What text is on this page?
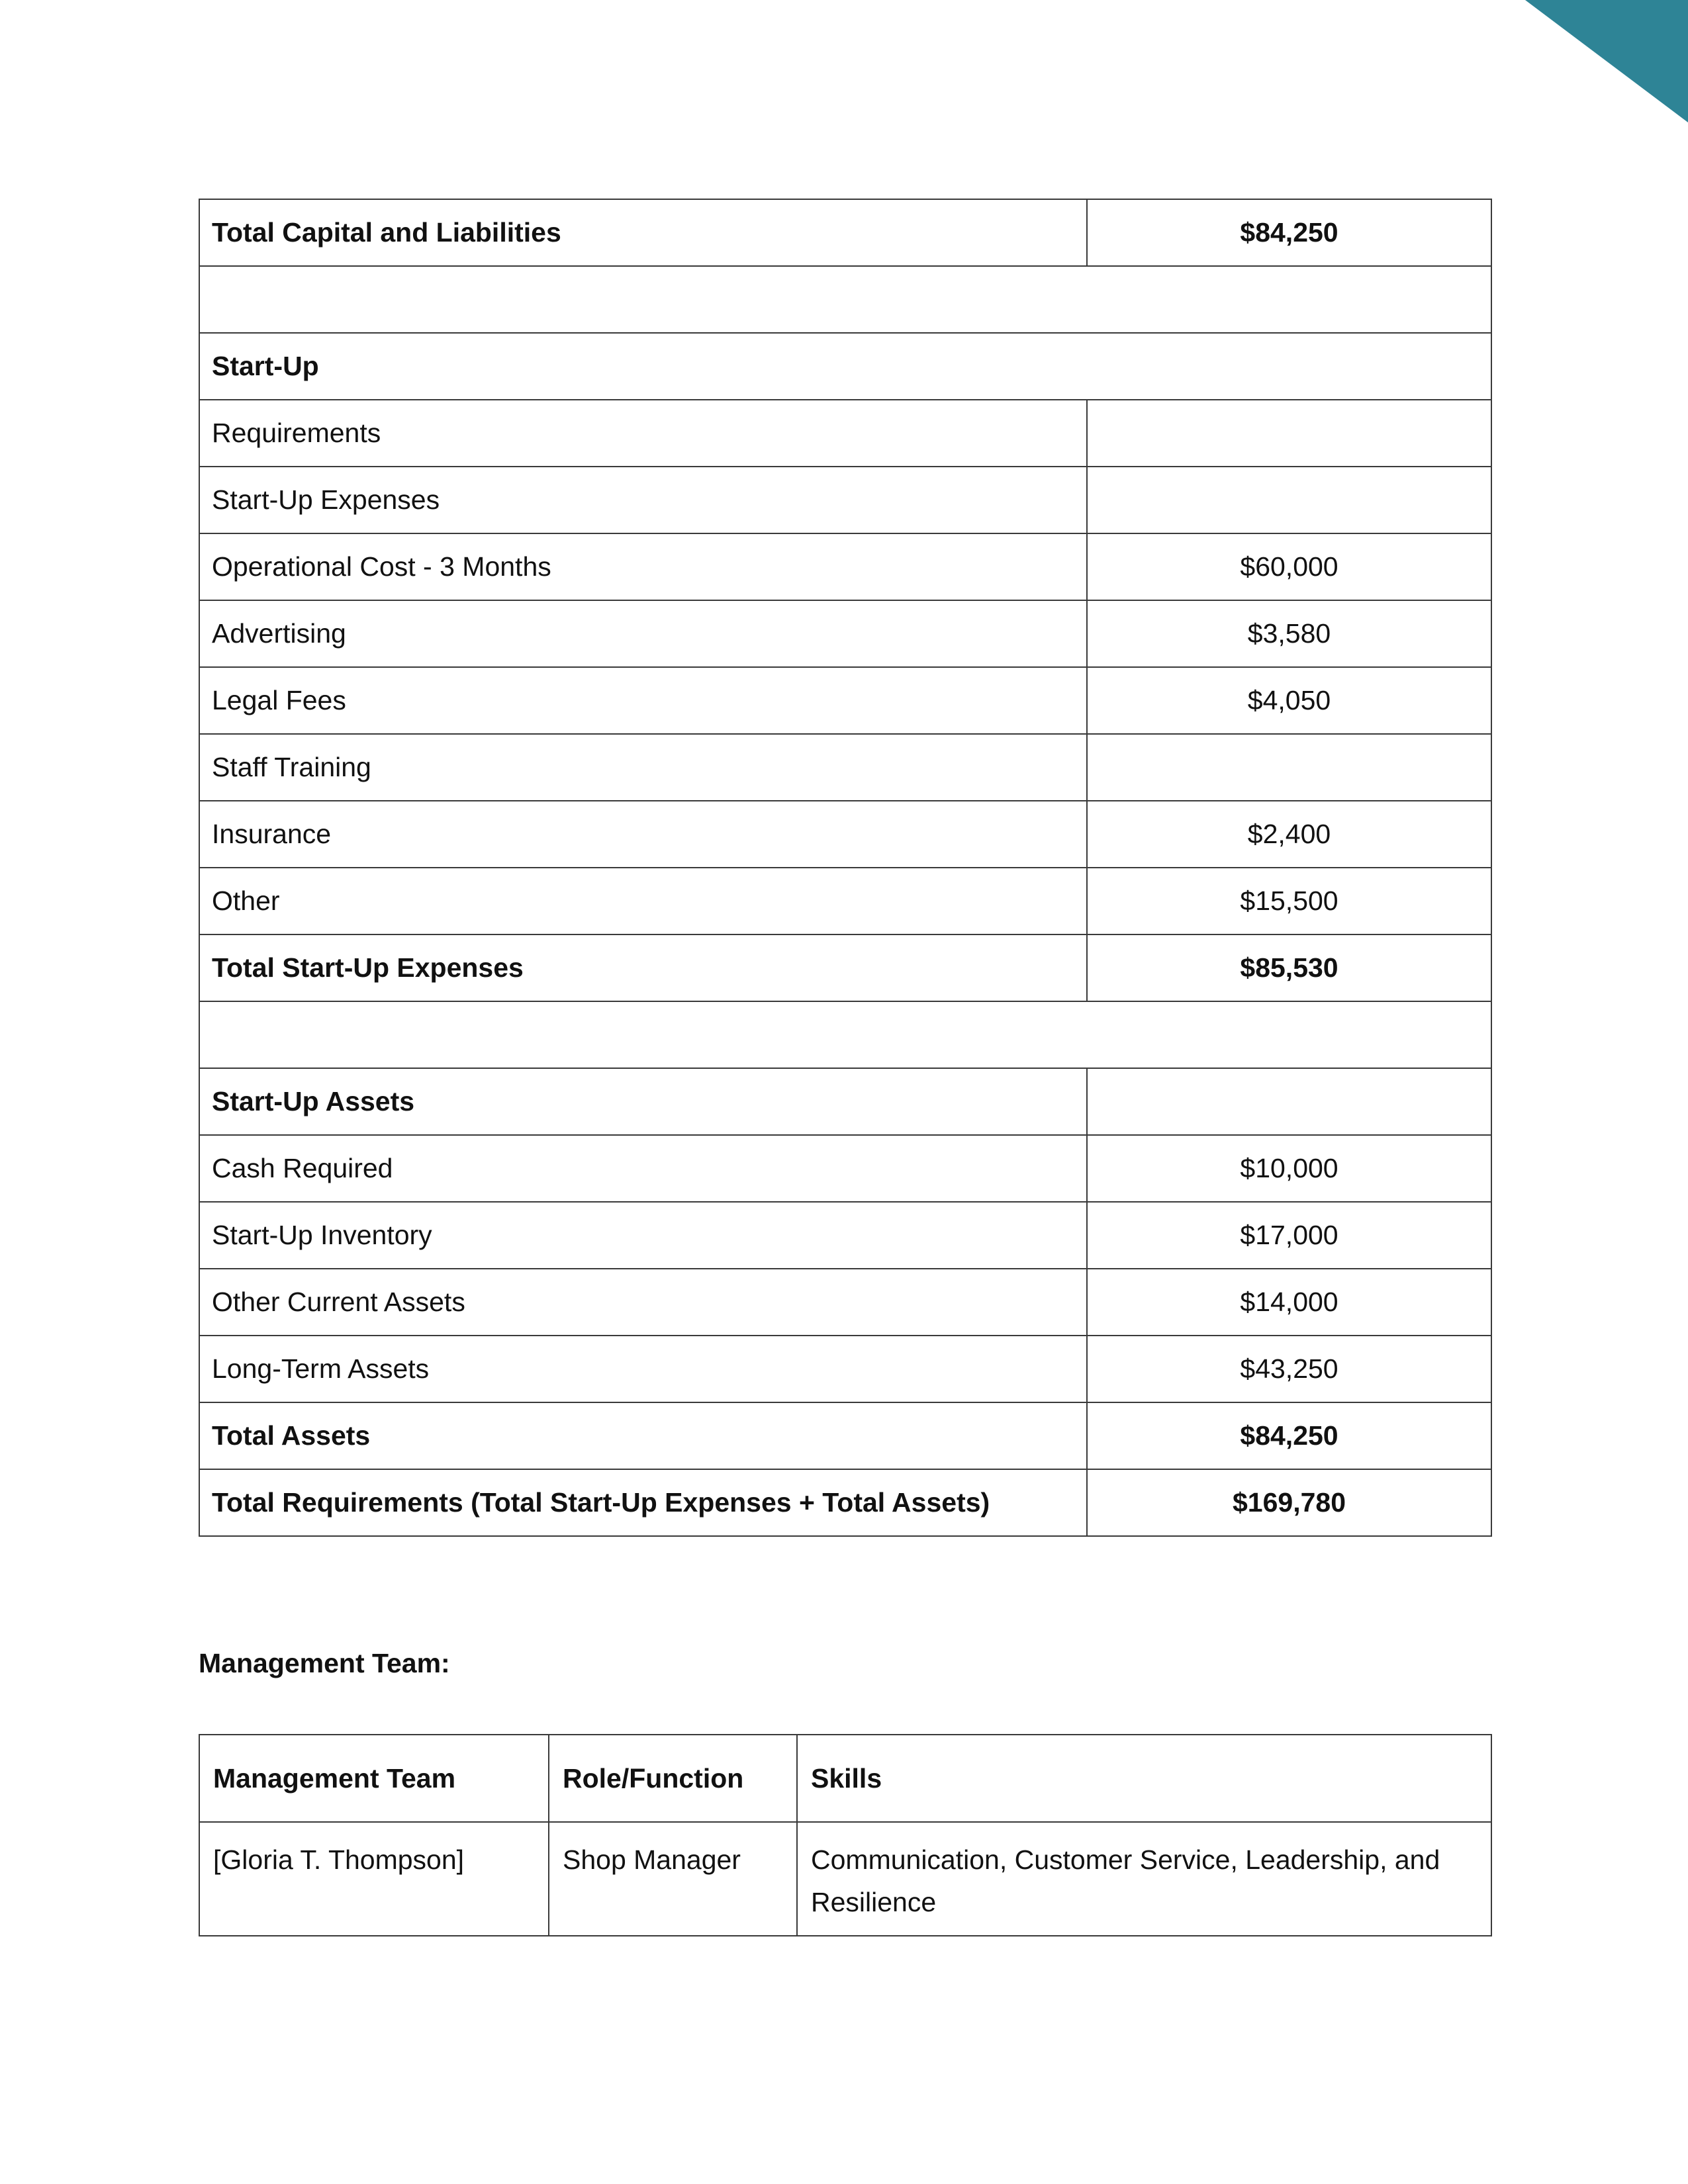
Total Capital and Liabilities	$84,250

Start-Up	
Requirements	
Start-Up Expenses	
Operational Cost - 3 Months	$60,000
Advertising	$3,580
Legal Fees	$4,050
Staff Training	
Insurance	$2,400
Other	$15,500
Total Start-Up Expenses	$85,530

Start-Up Assets	
Cash Required	$10,000
Start-Up Inventory	$17,000
Other Current Assets	$14,000
Long-Term Assets	$43,250
Total Assets	$84,250
Total Requirements (Total Start-Up Expenses + Total Assets)	$169,780
Management Team:
Management Team	Role/Function	Skills
[Gloria T. Thompson]	Shop Manager	Communication, Customer Service, Leadership, and Resilience
